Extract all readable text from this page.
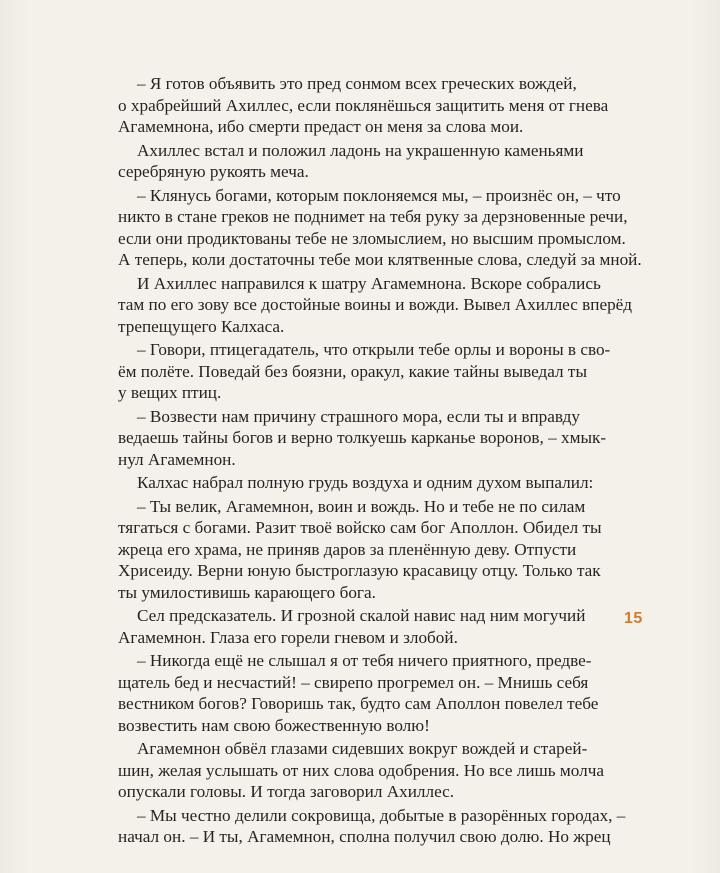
– Я готов объявить это пред сонмом всех греческих вождей,
о храбрейший Ахиллес, если поклянёшься защитить меня от гнева
Агамемнона, ибо смерти предаст он меня за слова мои.
Ахиллес встал и положил ладонь на украшенную каменьями
серебряную рукоять меча.
– Клянусь богами, которым поклоняемся мы, – произнёс он, – что
никто в стане греков не поднимет на тебя руку за дерзновенные речи,
если они продиктованы тебе не зломыслием, но высшим промыслом.
А теперь, коли достаточны тебе мои клятвенные слова, следуй за мной.
И Ахиллес направился к шатру Агамемнона. Вскоре собрались
там по его зову все достойные воины и вожди. Вывел Ахиллес вперёд
трепещущего Калхаса.
– Говори, птицегадатель, что открыли тебе орлы и вороны в сво-
ём полёте. Поведай без боязни, оракул, какие тайны выведал ты
у вещих птиц.
– Возвести нам причину страшного мора, если ты и вправду
ведаешь тайны богов и верно толкуешь карканье воронов, – хмык-
нул Агамемнон.
Калхас набрал полную грудь воздуха и одним духом выпалил:
– Ты велик, Агамемнон, воин и вождь. Но и тебе не по силам
тягаться с богами. Разит твоё войско сам бог Аполлон. Обидел ты
жреца его храма, не приняв даров за пленённую деву. Отпусти
Хрисеиду. Верни юную быстроглазую красавицу отцу. Только так
ты умилостивишь карающего бога.
Сел предсказатель. И грозной скалой навис над ним могучий
Агамемнон. Глаза его горели гневом и злобой.
– Никогда ещё не слышал я от тебя ничего приятного, предве-
щатель бед и несчастий! – свирепо прогремел он. – Мнишь себя
вестником богов? Говоришь так, будто сам Аполлон повелел тебе
возвестить нам свою божественную волю!
Агамемнон обвёл глазами сидевших вокруг вождей и старей-
шин, желая услышать от них слова одобрения. Но все лишь молча
опускали головы. И тогда заговорил Ахиллес.
– Мы честно делили сокровища, добытые в разорённых городах, –
начал он. – И ты, Агамемнон, сполна получил свою долю. Но жрец
15
